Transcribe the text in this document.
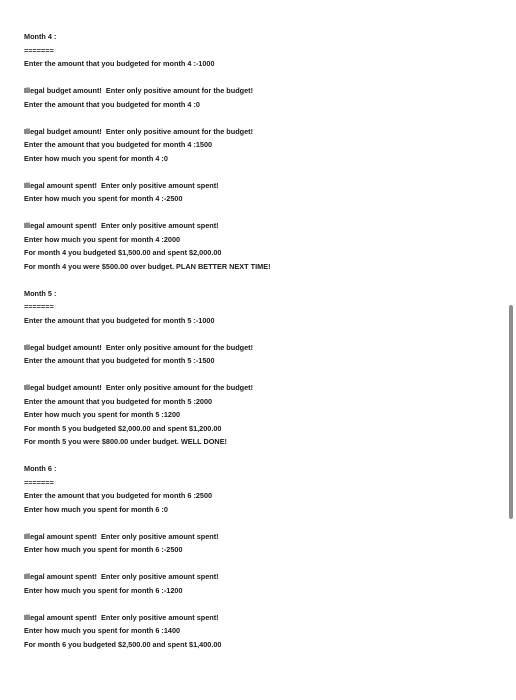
Month 4 :
=======
Enter the amount that you budgeted for month 4 :-1000
Illegal budget amount!  Enter only positive amount for the budget!
Enter the amount that you budgeted for month 4 :0
Illegal budget amount!  Enter only positive amount for the budget!
Enter the amount that you budgeted for month 4 :1500
Enter how much you spent for month 4 :0
Illegal amount spent!  Enter only positive amount spent!
Enter how much you spent for month 4 :-2500
Illegal amount spent!  Enter only positive amount spent!
Enter how much you spent for month 4 :2000
For month 4 you budgeted $1,500.00 and spent $2,000.00
For month 4 you were $500.00 over budget. PLAN BETTER NEXT TIME!
Month 5 :
=======
Enter the amount that you budgeted for month 5 :-1000
Illegal budget amount!  Enter only positive amount for the budget!
Enter the amount that you budgeted for month 5 :-1500
Illegal budget amount!  Enter only positive amount for the budget!
Enter the amount that you budgeted for month 5 :2000
Enter how much you spent for month 5 :1200
For month 5 you budgeted $2,000.00 and spent $1,200.00
For month 5 you were $800.00 under budget. WELL DONE!
Month 6 :
=======
Enter the amount that you budgeted for month 6 :2500
Enter how much you spent for month 6 :0
Illegal amount spent!  Enter only positive amount spent!
Enter how much you spent for month 6 :-2500
Illegal amount spent!  Enter only positive amount spent!
Enter how much you spent for month 6 :-1200
Illegal amount spent!  Enter only positive amount spent!
Enter how much you spent for month 6 :1400
For month 6 you budgeted $2,500.00 and spent $1,400.00
